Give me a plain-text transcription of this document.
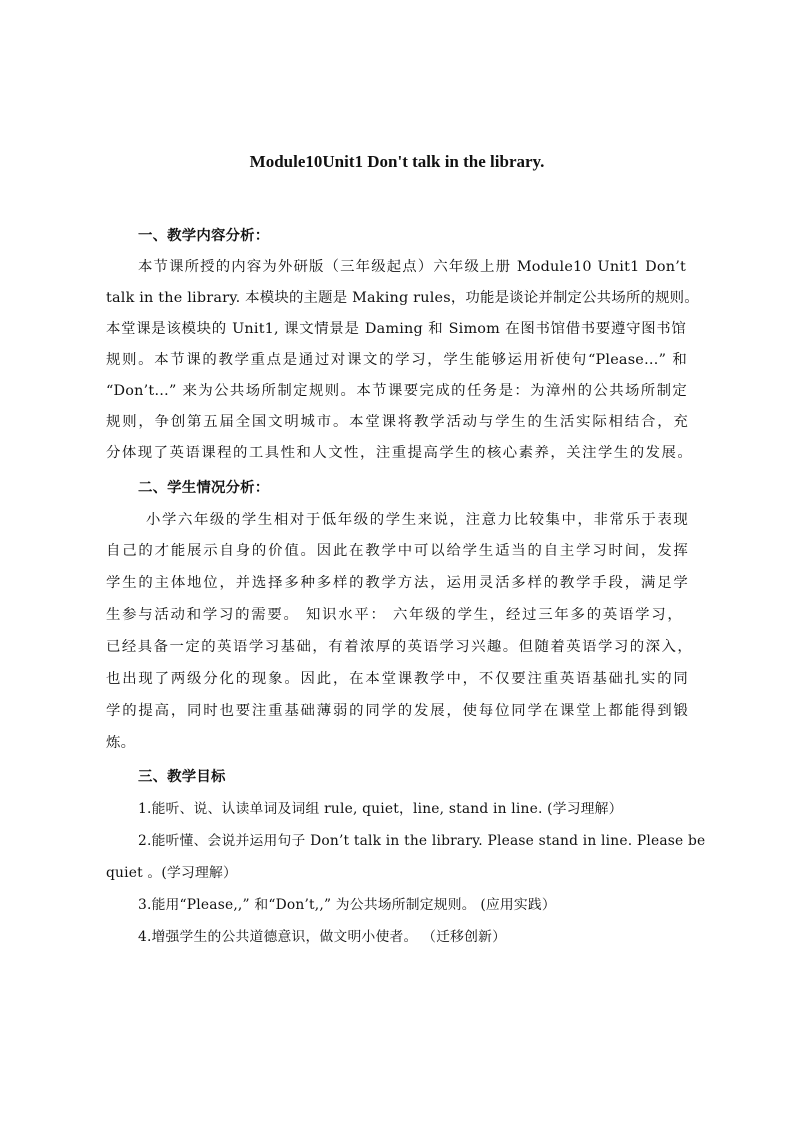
Module10Unit1 Don't talk in the library.
一、教学内容分析：
本节课所授的内容为外研版（三年级起点）六年级上册 Module10 Unit1 Don’t
talk in the library. 本模块的主题是 Making rules，功能是谈论并制定公共场所的规则。
本堂课是该模块的 Unit1, 课文情景是 Daming 和 Simom 在图书馆借书要遵守图书馆
规则。本节课的教学重点是通过对课文的学习，学生能够运用祈使句“Please…” 和
“Don’t…” 来为公共场所制定规则。本节课要完成的任务是：为漳州的公共场所制定
规则，争创第五届全国文明城市。本堂课将教学活动与学生的生活实际相结合，充
分体现了英语课程的工具性和人文性，注重提高学生的核心素养，关注学生的发展。
二、学生情况分析：
小学六年级的学生相对于低年级的学生来说，注意力比较集中，非常乐于表现
自己的才能展示自身的价值。因此在教学中可以给学生适当的自主学习时间，发挥
学生的主体地位，并选择多种多样的教学方法，运用灵活多样的教学手段，满足学
生参与活动和学习的需要。 知识水平： 六年级的学生，经过三年多的英语学习，
已经具备一定的英语学习基础，有着浓厚的英语学习兴趣。但随着英语学习的深入，
也出现了两级分化的现象。因此，在本堂课教学中，不仅要注重英语基础扎实的同
学的提高，同时也要注重基础薄弱的同学的发展，使每位同学在课堂上都能得到锻
炼。
三、教学目标
1.能听、说、认读单词及词组 rule, quiet，line, stand in line. (学习理解）
2.能听懂、会说并运用句子 Don’t talk in the library. Please stand in line. Please be
quiet 。(学习理解）
3.能用“Please,,” 和“Don’t,,” 为公共场所制定规则。 (应用实践）
4.增强学生的公共道德意识，做文明小使者。 （迁移创新）
